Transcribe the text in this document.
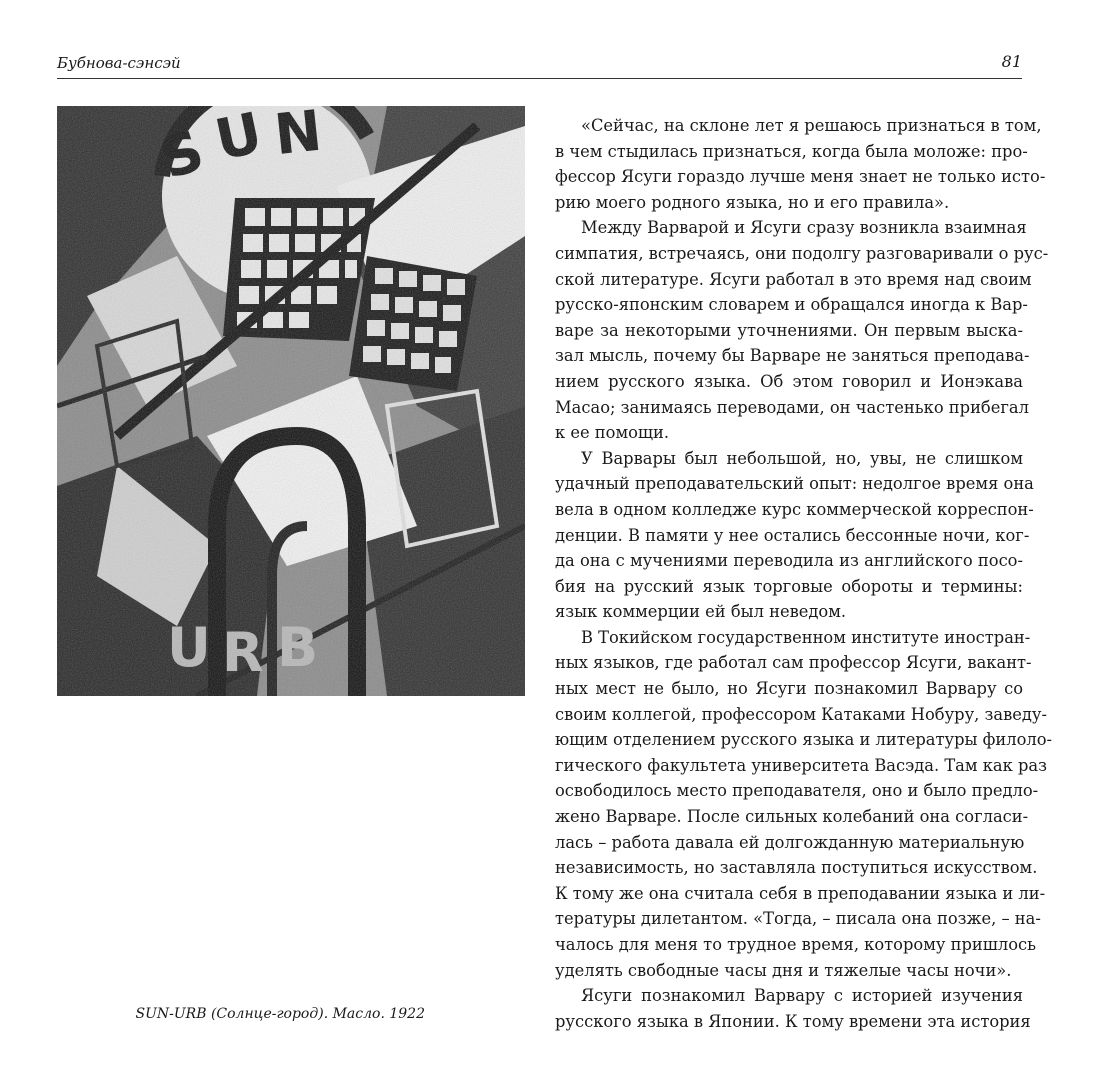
Бубнова-сэнсэй	81
SUN-URB (Солнце-город). Масло. 1922
«Сейчас, на склоне лет я решаюсь признаться в том,
в чем стыдилась признаться, когда была моложе: про-
фессор Ясуги гораздо лучше меня знает не только исто-
рию моего родного языка, но и его правила».
Между Варварой и Ясуги сразу возникла взаимная
симпатия, встречаясь, они подолгу разговаривали о рус-
ской литературе. Ясуги работал в это время над своим
русско-японским словарем и обращался иногда к Вар-
варе за некоторыми уточнениями. Он первым выска-
зал мысль, почему бы Варваре не заняться преподава-
нием русского языка. Об этом говорил и Ионэкава
Масао; занимаясь переводами, он частенько прибегал
к ее помощи.
У Варвары был небольшой, но, увы, не слишком
удачный преподавательский опыт: недолгое время она
вела в одном колледже курс коммерческой корреспон-
денции. В памяти у нее остались бессонные ночи, ког-
да она с мучениями переводила из английского посо-
бия на русский язык торговые обороты и термины:
язык коммерции ей был неведом.
В Токийском государственном институте иностран-
ных языков, где работал сам профессор Ясуги, вакант-
ных мест не было, но Ясуги познакомил Варвару со
своим коллегой, профессором Катаками Нобуру, заведу-
ющим отделением русского языка и литературы филоло-
гического факультета университета Васэда. Там как раз
освободилось место преподавателя, оно и было предло-
жено Варваре. После сильных колебаний она согласи-
лась – работа давала ей долгожданную материальную
независимость, но заставляла поступиться искусством.
К тому же она считала себя в преподавании языка и ли-
тературы дилетантом. «Тогда, – писала она позже, – на-
чалось для меня то трудное время, которому пришлось
уделять свободные часы дня и тяжелые часы ночи».
Ясуги познакомил Варвару с историей изучения
русского языка в Японии. К тому времени эта история
